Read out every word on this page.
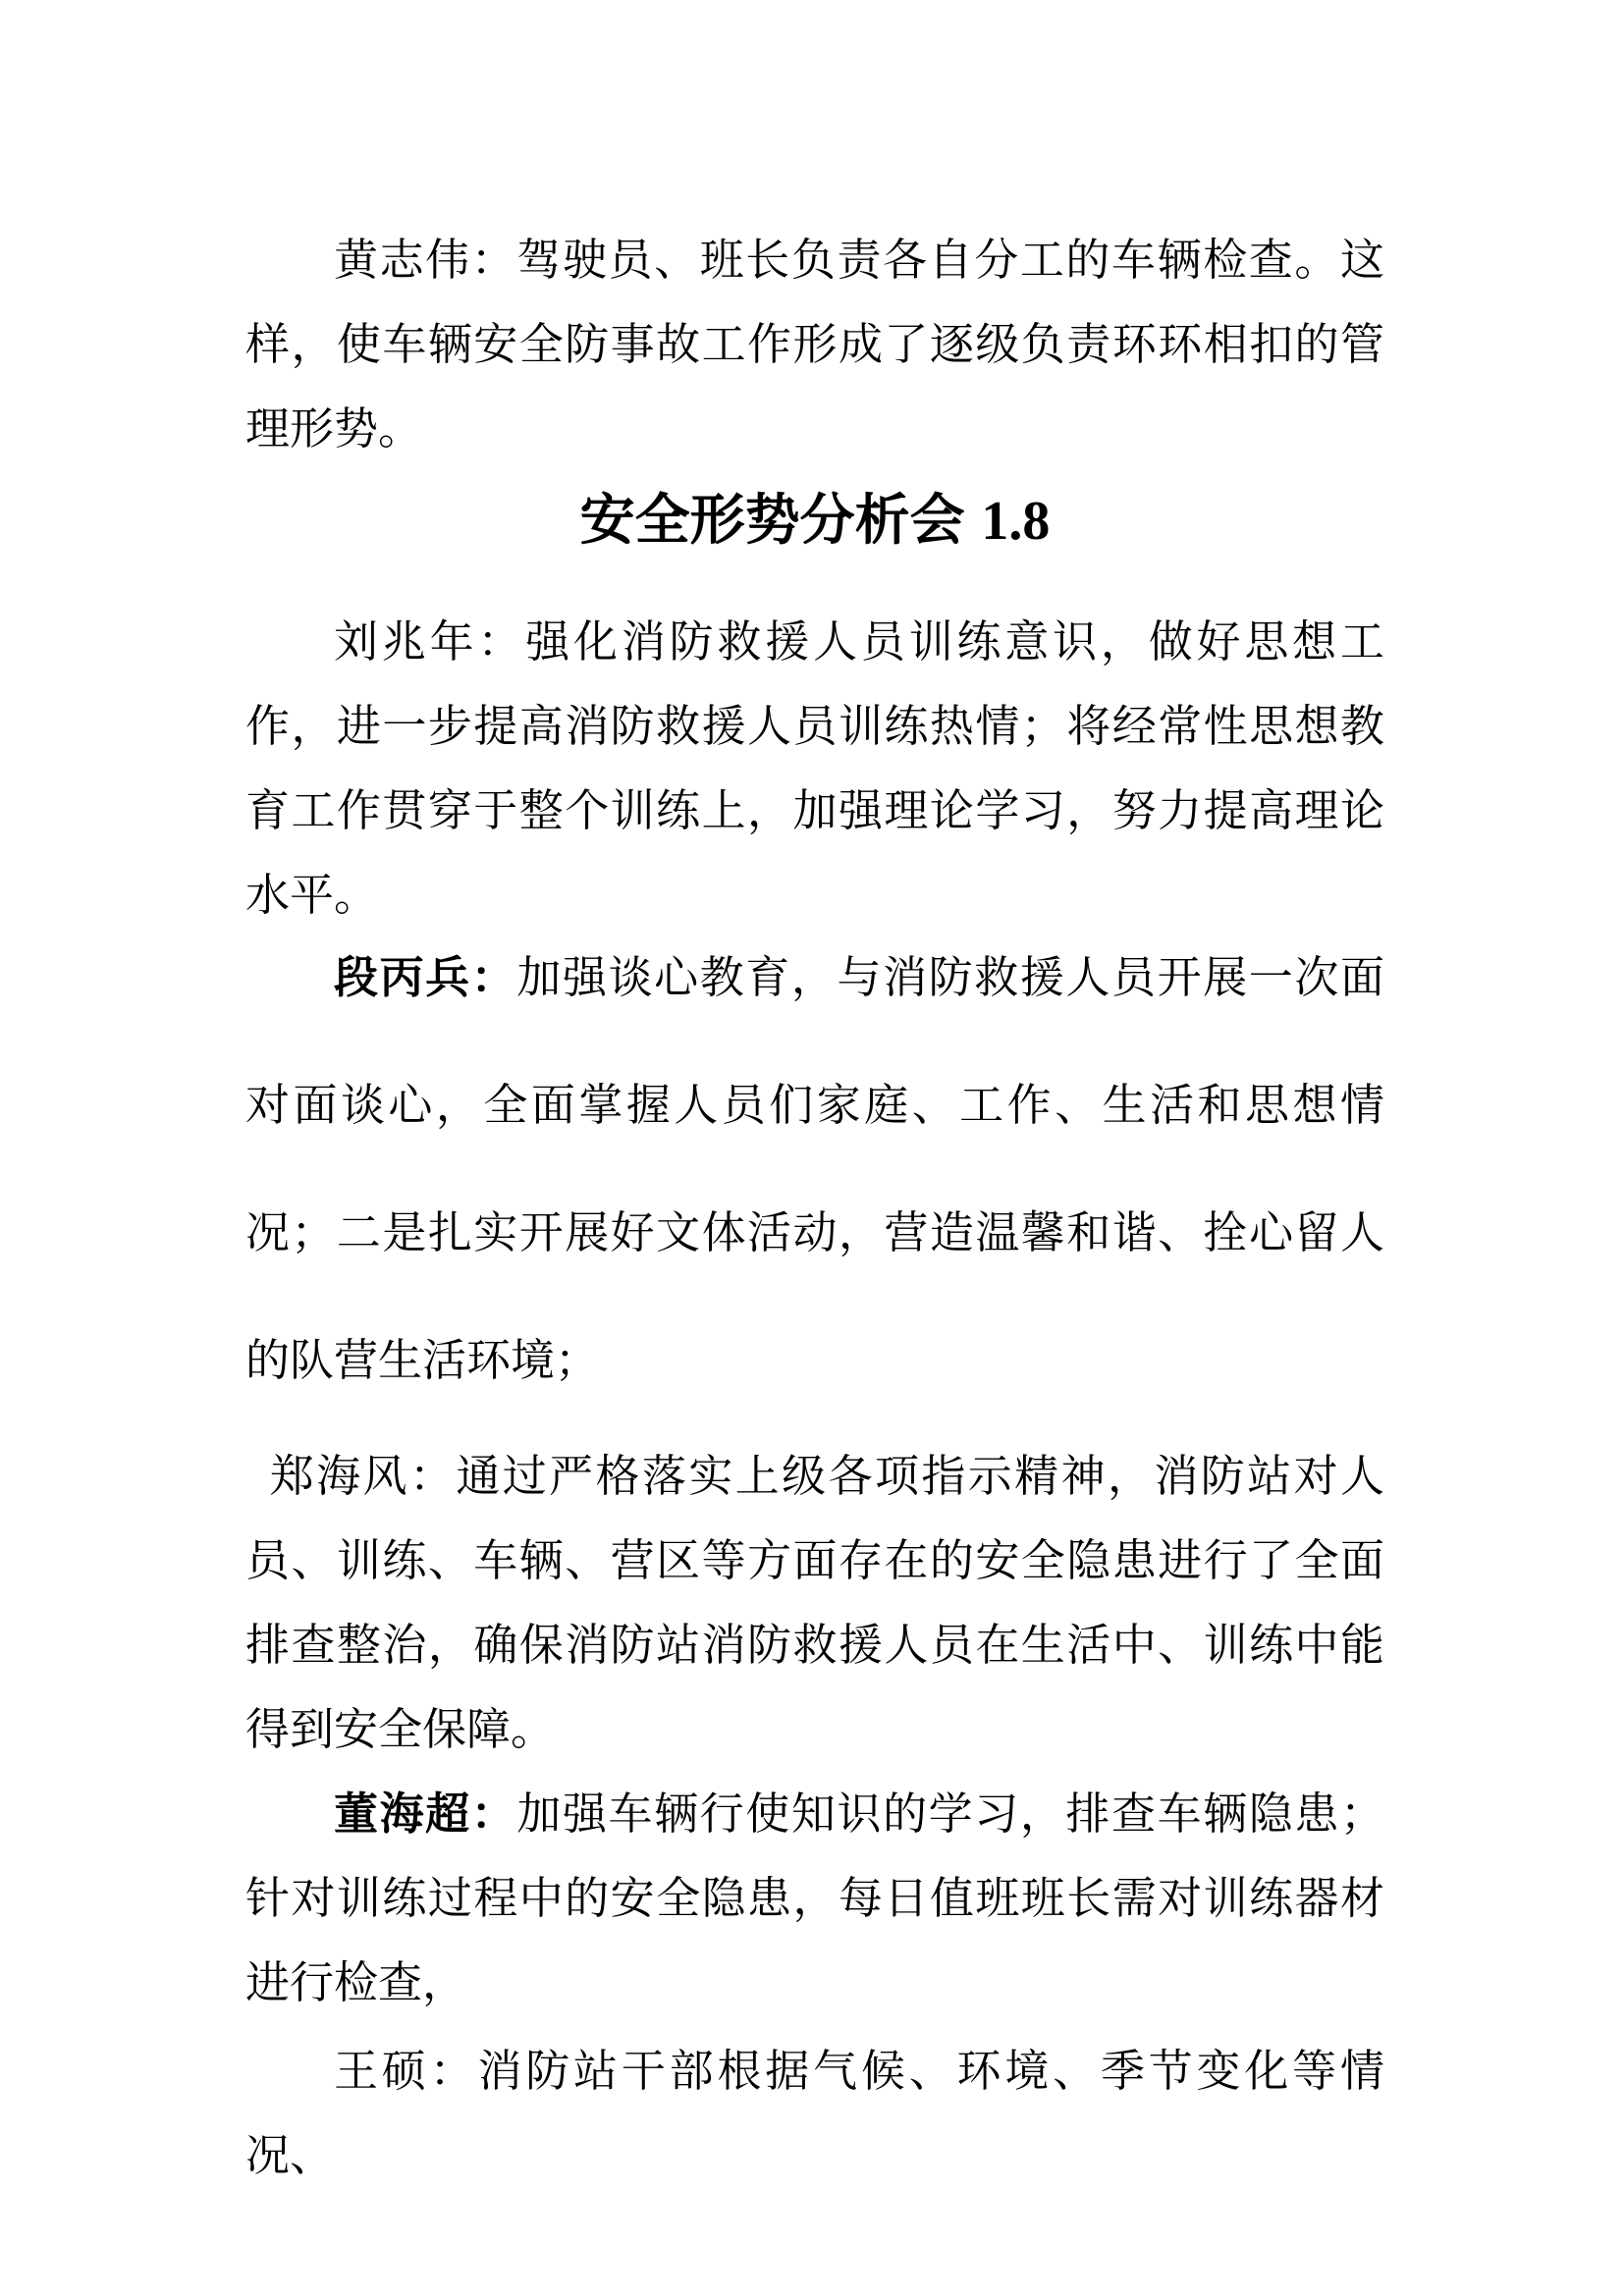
黄志伟：驾驶员、班长负责各自分工的车辆检查。这样，使车辆安全防事故工作形成了逐级负责环环相扣的管理形势。

安全形势分析会 1.8

刘兆年：强化消防救援人员训练意识，做好思想工作，进一步提高消防救援人员训练热情；将经常性思想教育工作贯穿于整个训练上，加强理论学习，努力提高理论水平。

段丙兵：加强谈心教育，与消防救援人员开展一次面对面谈心，全面掌握人员们家庭、工作、生活和思想情况；二是扎实开展好文体活动，营造温馨和谐、拴心留人的队营生活环境；

郑海风：通过严格落实上级各项指示精神，消防站对人员、训练、车辆、营区等方面存在的安全隐患进行了全面排查整治，确保消防站消防救援人员在生活中、训练中能得到安全保障。

董海超：加强车辆行使知识的学习，排查车辆隐患；针对训练过程中的安全隐患，每日值班班长需对训练器材进行检查，

王硕：消防站干部根据气候、环境、季节变化等情况、
